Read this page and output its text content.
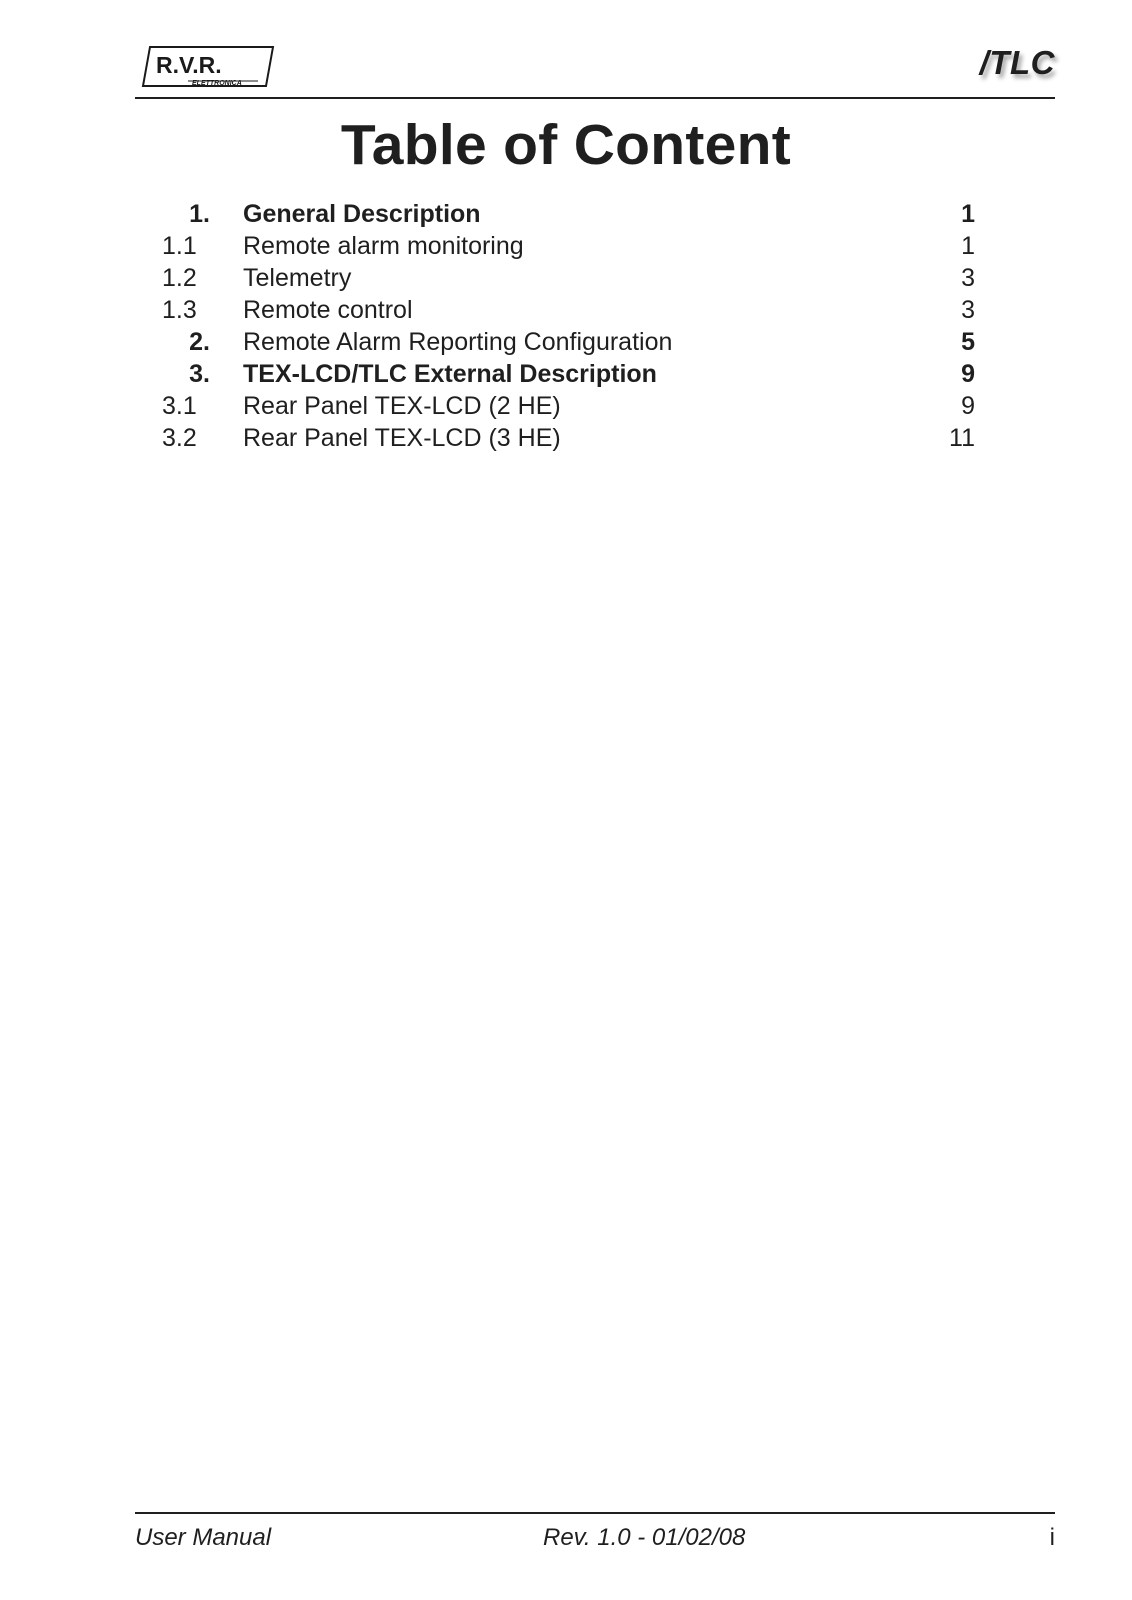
R.V.R.
ELETTRONICA
/TLC
Table of Content
1. General Description	1
1.1 Remote alarm monitoring	1
1.2 Telemetry	3
1.3 Remote control	3
2. Remote Alarm Reporting Configuration	5
3. TEX-LCD/TLC External Description	9
3.1 Rear Panel TEX-LCD (2 HE)	9
3.2 Rear Panel TEX-LCD (3 HE)	11
User Manual	Rev. 1.0 - 01/02/08	i
